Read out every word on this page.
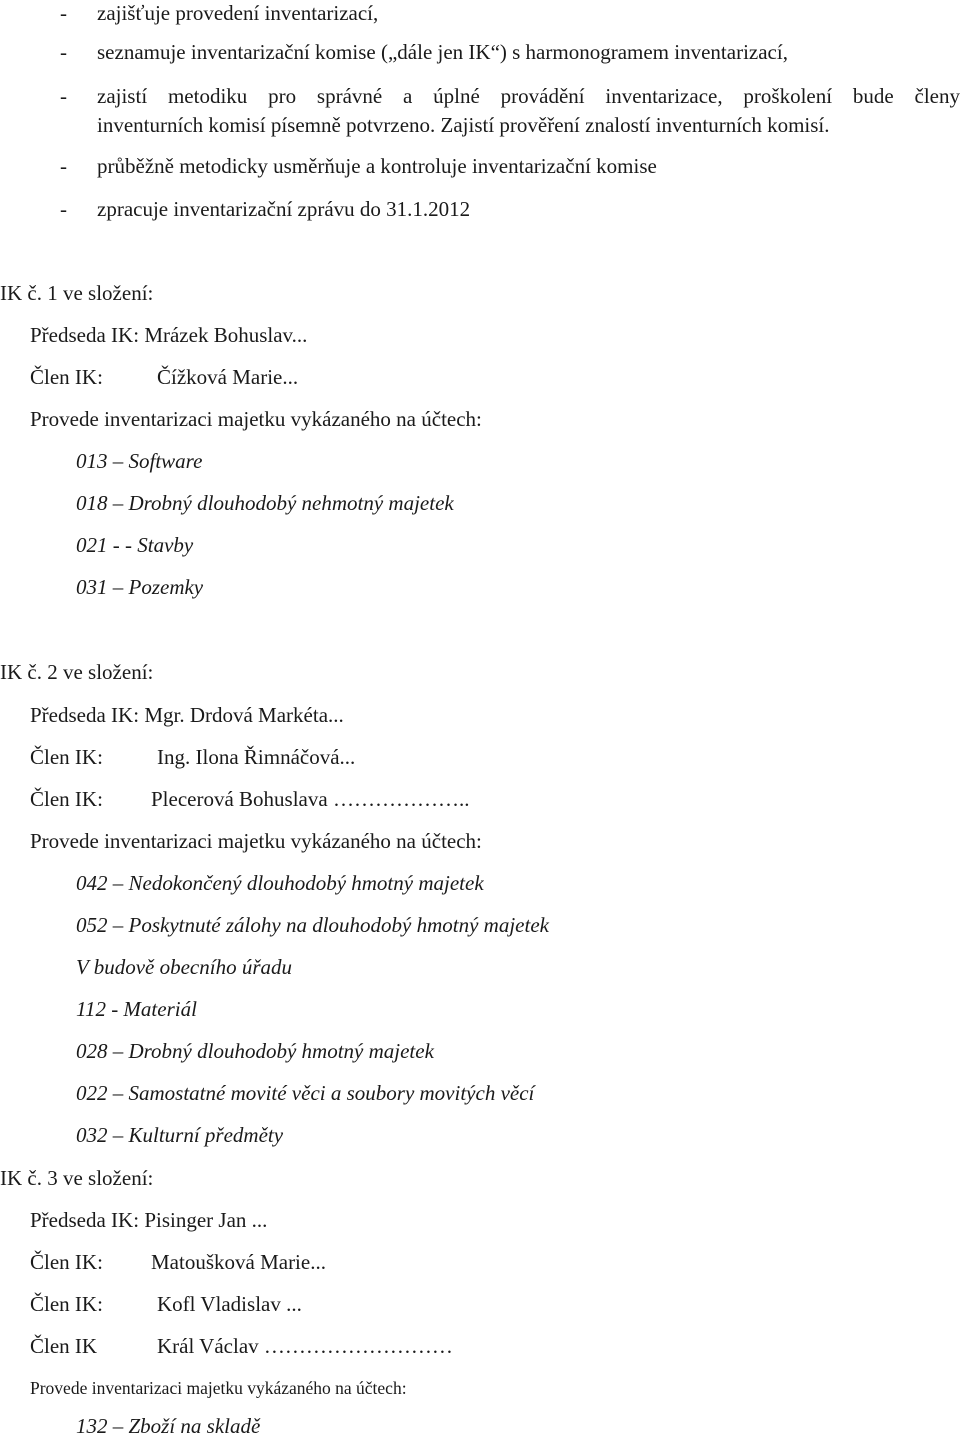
- zajišťuje provedení inventarizací,
- seznamuje inventarizační komise („dále jen IK“) s harmonogramem inventarizací,
- zajistí metodiku pro správné a úplné provádění inventarizace, proškolení bude členy
inventurních komisí písemně potvrzeno. Zajistí prověření znalostí inventurních komisí.
- průběžně metodicky usměrňuje a kontroluje inventarizační komise
- zpracuje inventarizační zprávu do 31.1.2012
IK č. 1 ve složení:
Předseda IK: Mrázek Bohuslav...
Člen IK:	Čížková Marie...
Provede inventarizaci majetku vykázaného na účtech:
013 – Software
018 – Drobný dlouhodobý nehmotný majetek
021 - - Stavby
031 – Pozemky
IK č. 2 ve složení:
Předseda IK: Mgr. Drdová Markéta...
Člen IK:	Ing. Ilona Řimnáčová...
Člen IK: Plecerová Bohuslava ………………..
Provede inventarizaci majetku vykázaného na účtech:
042 – Nedokončený dlouhodobý hmotný majetek
052 – Poskytnuté zálohy na dlouhodobý hmotný majetek
V budově obecního úřadu
112 - Materiál
028 – Drobný dlouhodobý hmotný majetek
022 – Samostatné movité věci a soubory movitých věcí
032 – Kulturní předměty
IK č. 3 ve složení:
Předseda IK: Pisinger Jan ...
Člen IK: Matoušková Marie...
Člen IK:	Kofl Vladislav ...
Člen IK	Král Václav ………………………
Provede inventarizaci majetku vykázaného na účtech:
132 – Zboží na skladě
